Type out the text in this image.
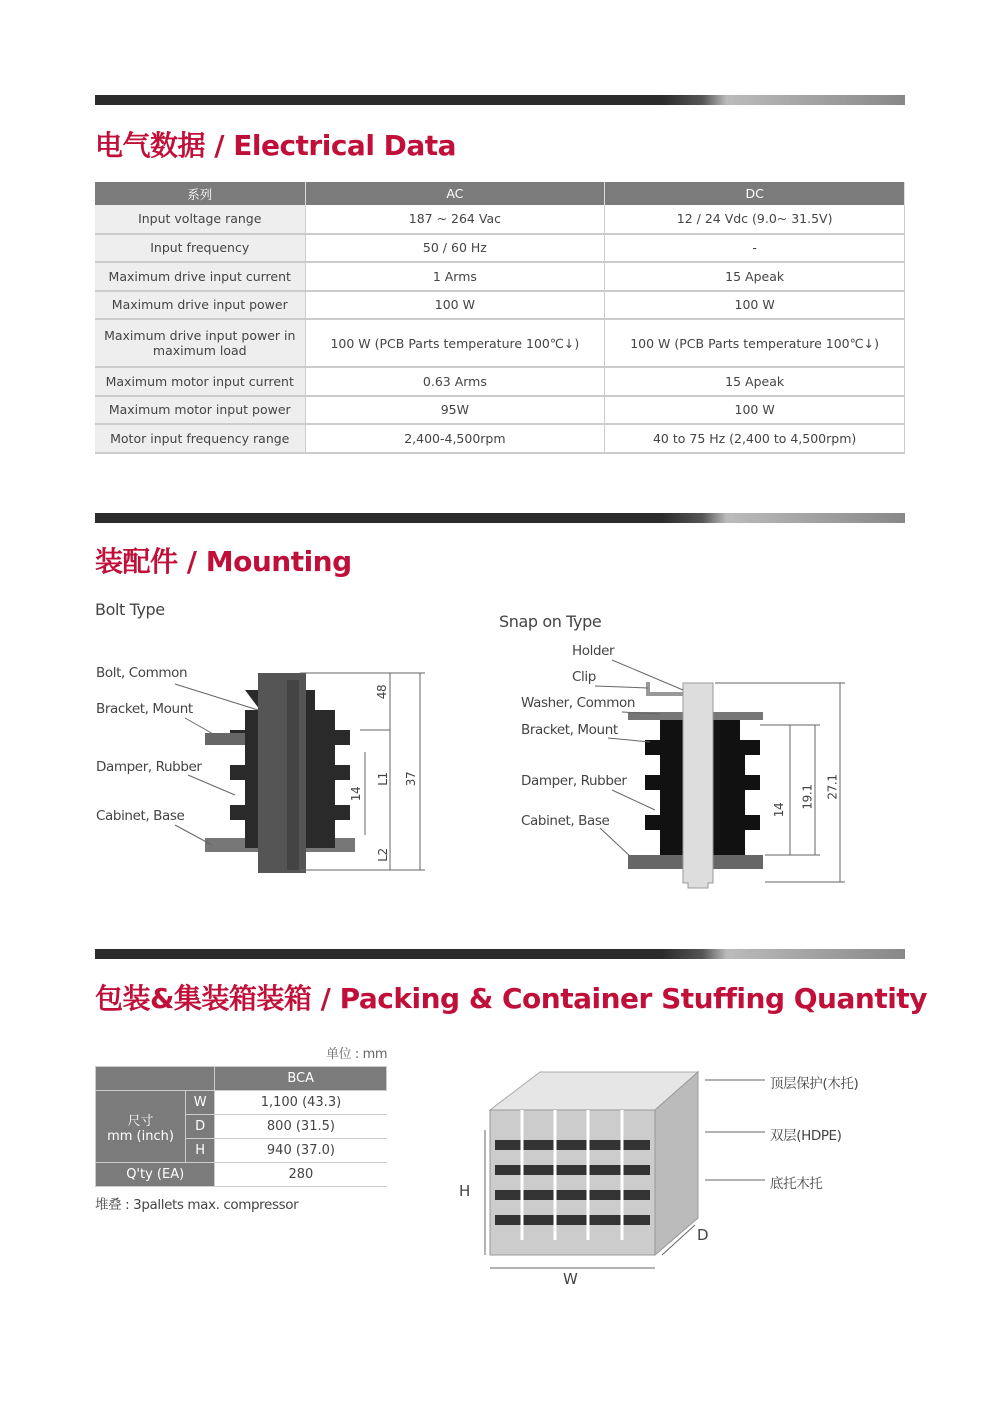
电气数据 / Electrical Data
系列	AC	DC
Input voltage range	187 ~ 264 Vac	12 / 24 Vdc (9.0~ 31.5V)
Input frequency	50 / 60 Hz	-
Maximum drive input current	1 Arms	15 Apeak
Maximum drive input power	100 W	100 W
Maximum drive input power in maximum load	100 W (PCB Parts temperature 100℃↓)	100 W (PCB Parts temperature 100℃↓)
Maximum motor input current	0.63 Arms	15 Apeak
Maximum motor input power	95W	100 W
Motor input frequency range	2,400-4,500rpm	40 to 75 Hz (2,400 to 4,500rpm)
装配件 / Mounting
Bolt Type
Snap on Type
Bolt, Common
Bracket, Mount
Damper, Rubber
Cabinet, Base
48
L1 37
14
L2
Holder
Clip
Washer, Common
Bracket, Mount
Damper, Rubber
Cabinet, Base
14
19.1 27.1
包装&集装箱装箱 / Packing & Container Stuffing Quantity
单位 : mm
		BCA
尺寸
mm (inch)	W	1,100 (43.3)
	D	800 (31.5)
	H	940 (37.0)
Q'ty (EA)		280
堆叠 : 3pallets max. compressor
顶层保护(木托)
双层(HDPE)
底托木托
H
W
D
